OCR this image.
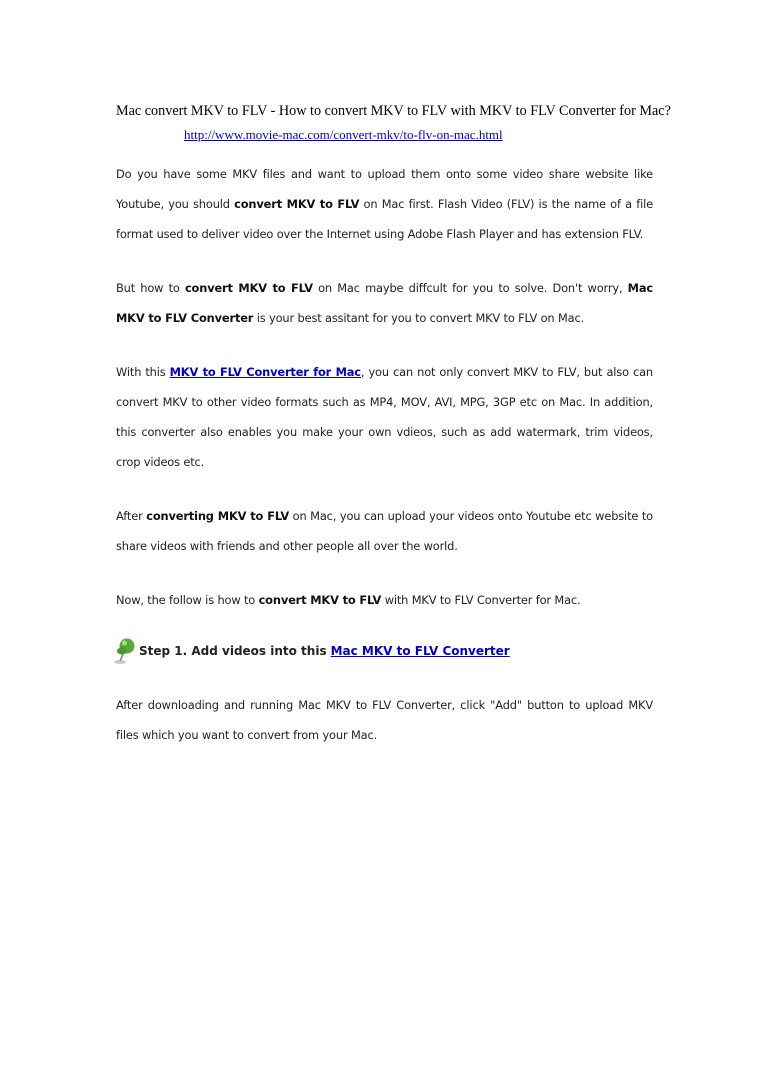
Mac convert MKV to FLV - How to convert MKV to FLV with MKV to FLV Converter for Mac?
http://www.movie-mac.com/convert-mkv/to-flv-on-mac.html

Do you have some MKV files and want to upload them onto some video share website like Youtube, you should convert MKV to FLV on Mac first. Flash Video (FLV) is the name of a file format used to deliver video over the Internet using Adobe Flash Player and has extension FLV.

But how to convert MKV to FLV on Mac maybe diffcult for you to solve. Don't worry, Mac MKV to FLV Converter is your best assitant for you to convert MKV to FLV on Mac.

With this MKV to FLV Converter for Mac, you can not only convert MKV to FLV, but also can convert MKV to other video formats such as MP4, MOV, AVI, MPG, 3GP etc on Mac. In addition, this converter also enables you make your own vdieos, such as add watermark, trim videos, crop videos etc.

After converting MKV to FLV on Mac, you can upload your videos onto Youtube etc website to share videos with friends and other people all over the world.

Now, the follow is how to convert MKV to FLV with MKV to FLV Converter for Mac.

Step 1. Add videos into this Mac MKV to FLV Converter

After downloading and running Mac MKV to FLV Converter, click "Add" button to upload MKV files which you want to convert from your Mac.
